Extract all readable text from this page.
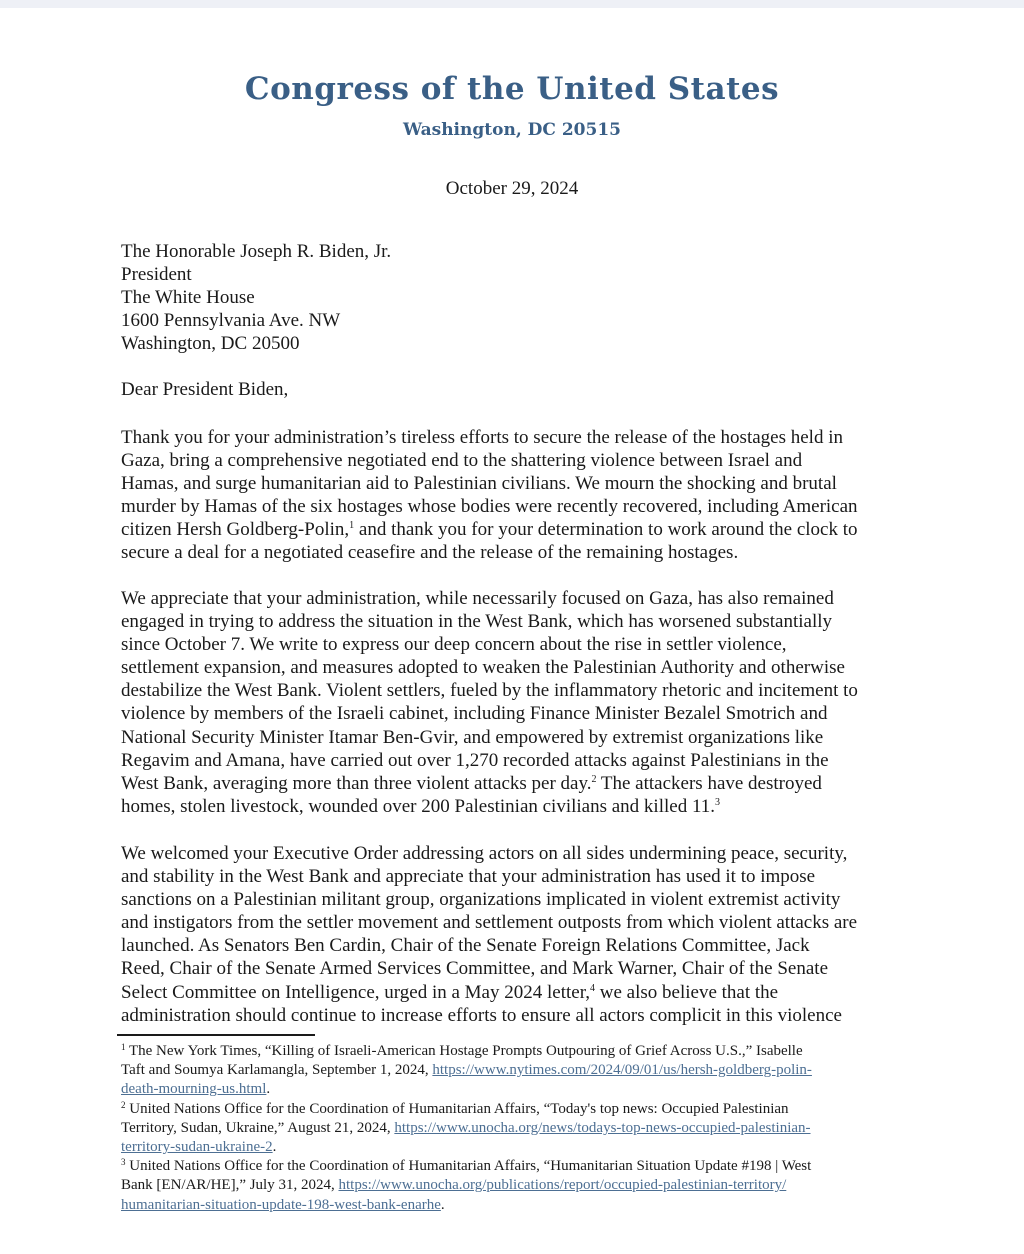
Congress of the United States
Washington, DC 20515
October 29, 2024
The Honorable Joseph R. Biden, Jr.
President
The White House
1600 Pennsylvania Ave. NW
Washington, DC 20500
Dear President Biden,
Thank you for your administration’s tireless efforts to secure the release of the hostages held in
Gaza, bring a comprehensive negotiated end to the shattering violence between Israel and
Hamas, and surge humanitarian aid to Palestinian civilians. We mourn the shocking and brutal
murder by Hamas of the six hostages whose bodies were recently recovered, including American
citizen Hersh Goldberg-Polin,$^1$ and thank you for your determination to work around the clock to
secure a deal for a negotiated ceasefire and the release of the remaining hostages.
We appreciate that your administration, while necessarily focused on Gaza, has also remained
engaged in trying to address the situation in the West Bank, which has worsened substantially
since October 7. We write to express our deep concern about the rise in settler violence,
settlement expansion, and measures adopted to weaken the Palestinian Authority and otherwise
destabilize the West Bank. Violent settlers, fueled by the inflammatory rhetoric and incitement to
violence by members of the Israeli cabinet, including Finance Minister Bezalel Smotrich and
National Security Minister Itamar Ben-Gvir, and empowered by extremist organizations like
Regavim and Amana, have carried out over 1,270 recorded attacks against Palestinians in the
West Bank, averaging more than three violent attacks per day.$^2$ The attackers have destroyed
homes, stolen livestock, wounded over 200 Palestinian civilians and killed 11.$^3$
We welcomed your Executive Order addressing actors on all sides undermining peace, security,
and stability in the West Bank and appreciate that your administration has used it to impose
sanctions on a Palestinian militant group, organizations implicated in violent extremist activity
and instigators from the settler movement and settlement outposts from which violent attacks are
launched. As Senators Ben Cardin, Chair of the Senate Foreign Relations Committee, Jack
Reed, Chair of the Senate Armed Services Committee, and Mark Warner, Chair of the Senate
Select Committee on Intelligence, urged in a May 2024 letter,$^4$ we also believe that the
administration should continue to increase efforts to ensure all actors complicit in this violence
$^1$ The New York Times, “Killing of Israeli-American Hostage Prompts Outpouring of Grief Across U.S.,” Isabelle
Taft and Soumya Karlamangla, September 1, 2024, https://www.nytimes.com/2024/09/01/us/hersh-goldberg-polin-
death-mourning-us.html.
$^2$ United Nations Office for the Coordination of Humanitarian Affairs, “Today's top news: Occupied Palestinian
Territory, Sudan, Ukraine,” August 21, 2024, https://www.unocha.org/news/todays-top-news-occupied-palestinian-
territory-sudan-ukraine-2.
$^3$ United Nations Office for the Coordination of Humanitarian Affairs, “Humanitarian Situation Update #198 | West
Bank [EN/AR/HE],” July 31, 2024, https://www.unocha.org/publications/report/occupied-palestinian-territory/
humanitarian-situation-update-198-west-bank-enarhe.
